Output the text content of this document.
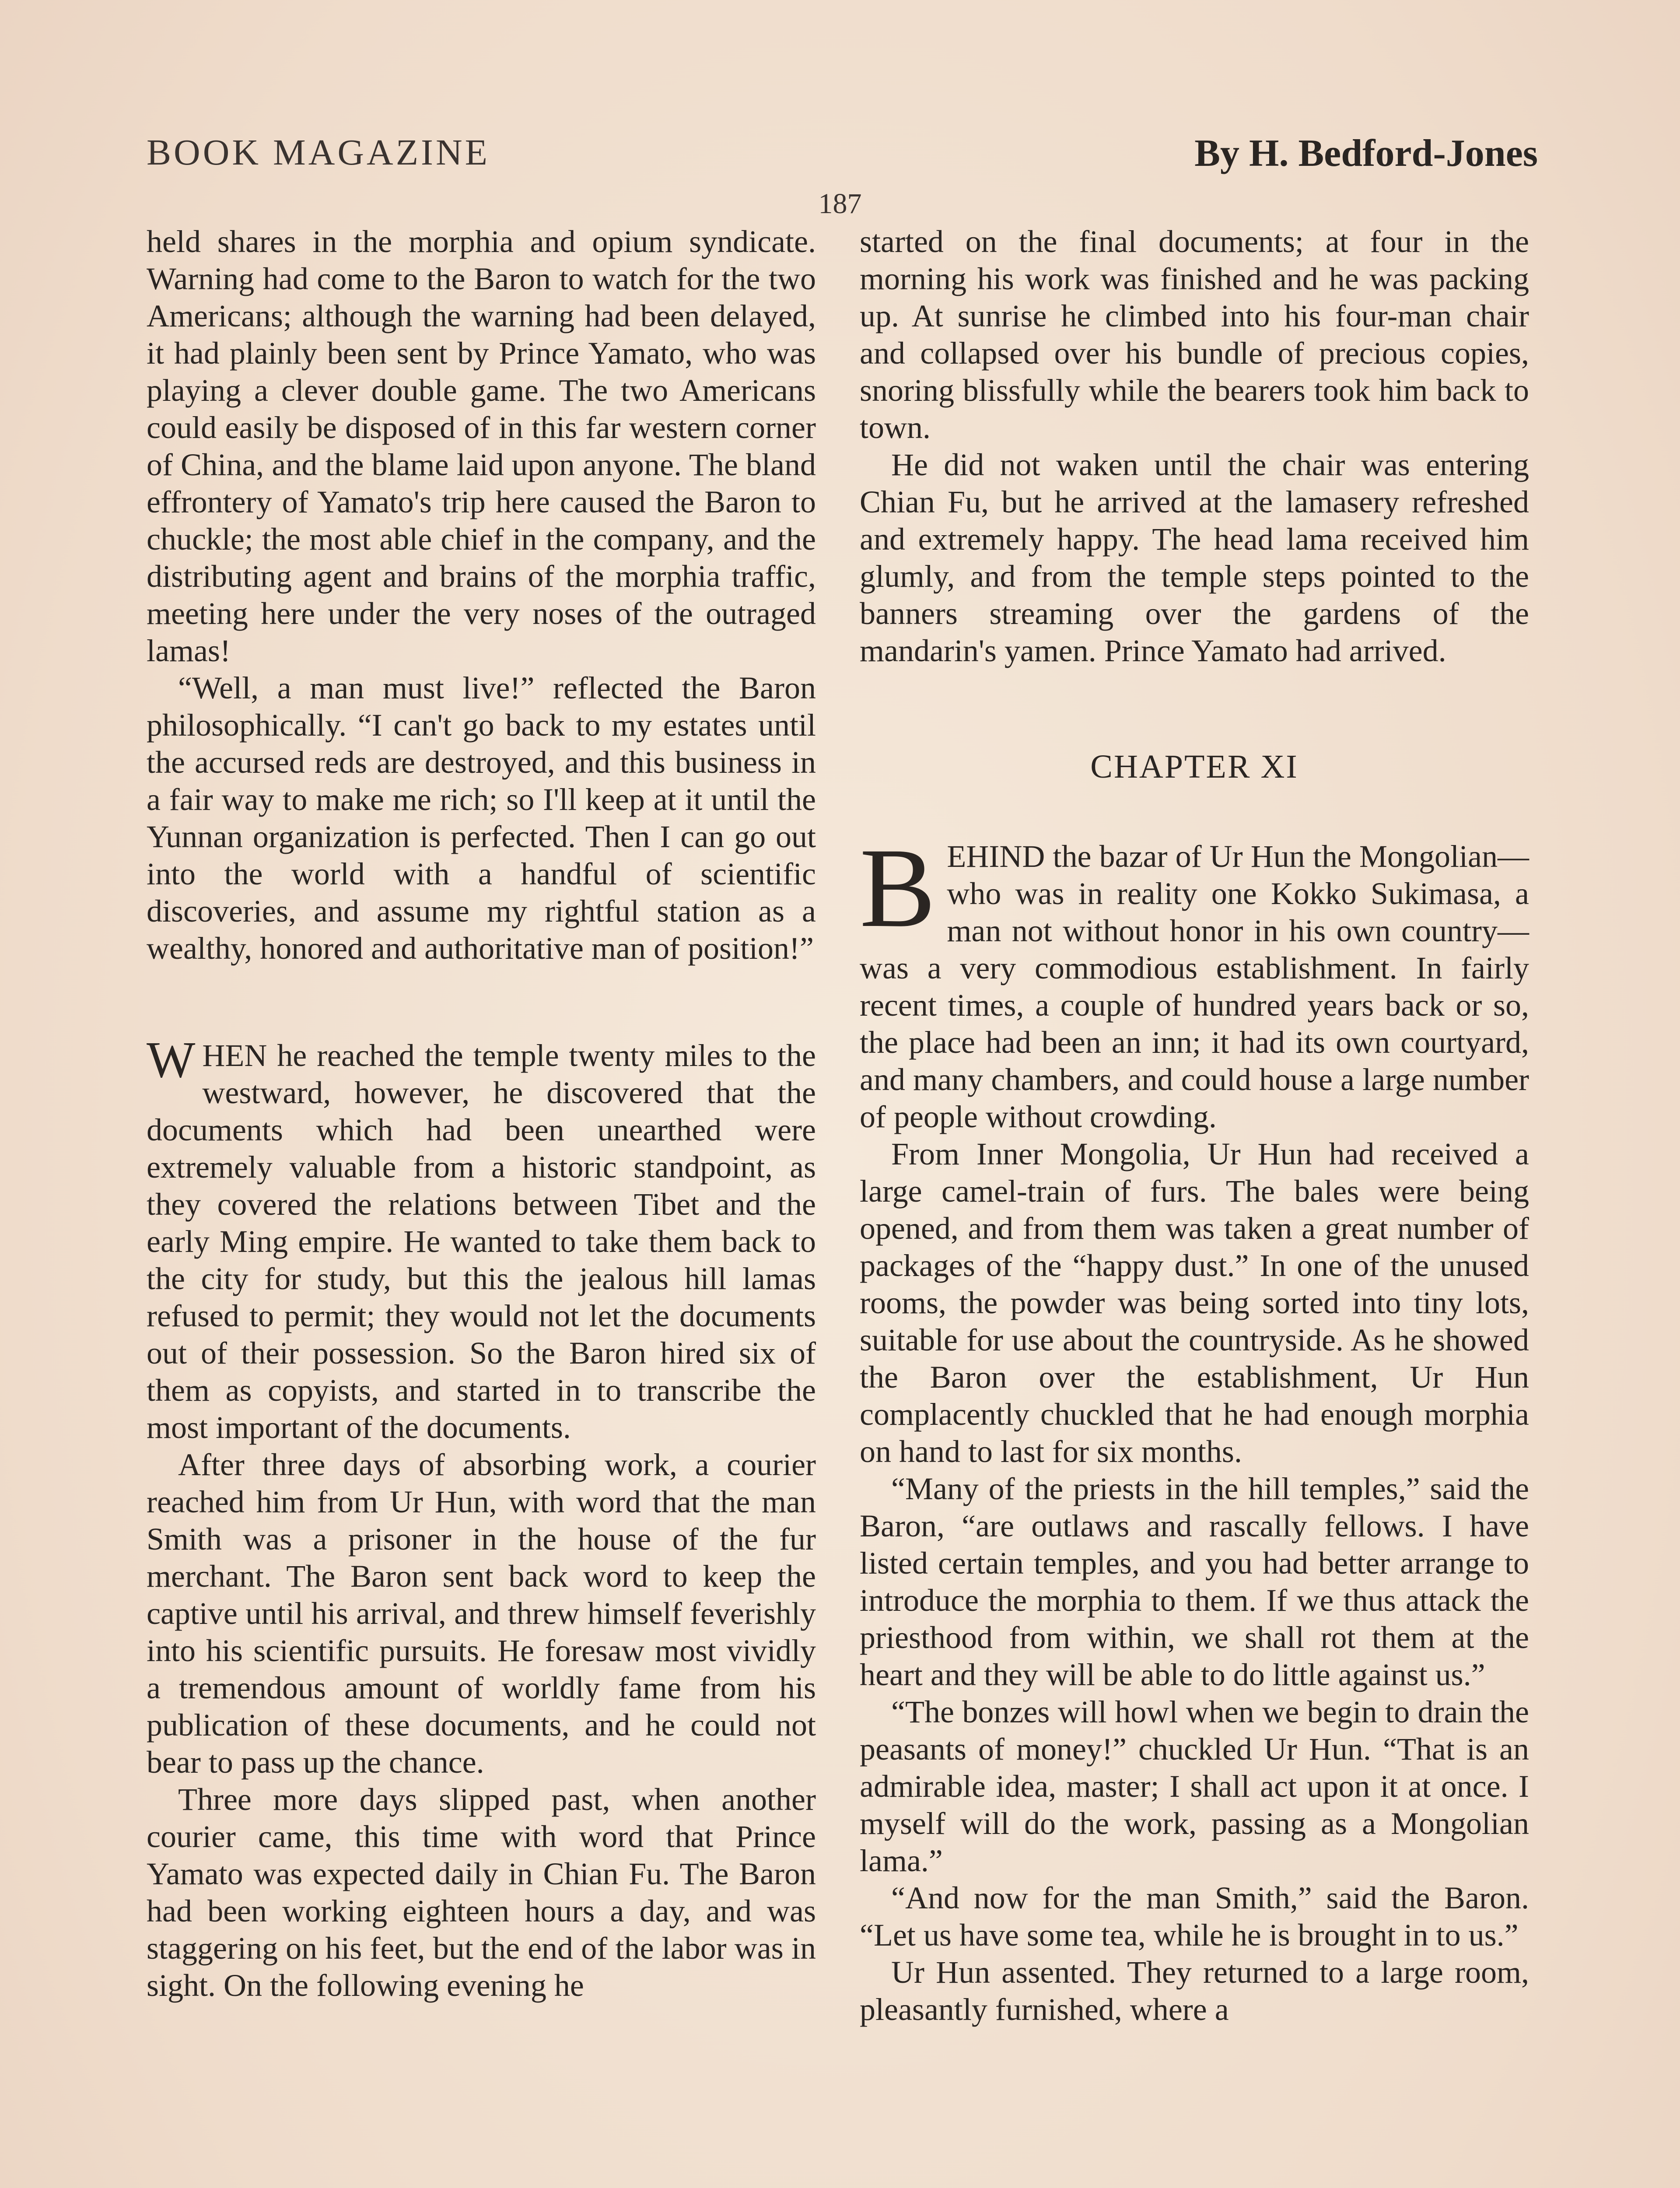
BOOK MAGAZINE	By H. Bedford-Jones
187

held shares in the morphia and opium syndicate. Warning had come to the Baron to watch for the two Americans; although the warning had been delayed, it had plainly been sent by Prince Yamato, who was playing a clever double game. The two Americans could easily be disposed of in this far western corner of China, and the blame laid upon anyone. The bland effrontery of Yamato's trip here caused the Baron to chuckle; the most able chief in the company, and the distributing agent and brains of the morphia traffic, meeting here under the very noses of the outraged lamas!

“Well, a man must live!” reflected the Baron philosophically. “I can't go back to my estates until the accursed reds are destroyed, and this business in a fair way to make me rich; so I'll keep at it until the Yunnan organization is perfected. Then I can go out into the world with a handful of scientific discoveries, and assume my rightful station as a wealthy, honored and authoritative man of position!”

WHEN he reached the temple twenty miles to the westward, however, he discovered that the documents which had been unearthed were extremely valuable from a historic standpoint, as they covered the relations between Tibet and the early Ming empire. He wanted to take them back to the city for study, but this the jealous hill lamas refused to permit; they would not let the documents out of their possession. So the Baron hired six of them as copyists, and started in to transcribe the most important of the documents.

After three days of absorbing work, a courier reached him from Ur Hun, with word that the man Smith was a prisoner in the house of the fur merchant. The Baron sent back word to keep the captive until his arrival, and threw himself feverishly into his scientific pursuits. He foresaw most vividly a tremendous amount of worldly fame from his publication of these documents, and he could not bear to pass up the chance.

Three more days slipped past, when another courier came, this time with word that Prince Yamato was expected daily in Chian Fu. The Baron had been working eighteen hours a day, and was staggering on his feet, but the end of the labor was in sight. On the following evening he

started on the final documents; at four in the morning his work was finished and he was packing up. At sunrise he climbed into his four-man chair and collapsed over his bundle of precious copies, snoring blissfully while the bearers took him back to town.

He did not waken until the chair was entering Chian Fu, but he arrived at the lamasery refreshed and extremely happy. The head lama received him glumly, and from the temple steps pointed to the banners streaming over the gardens of the mandarin's yamen. Prince Yamato had arrived.

CHAPTER XI

BEHIND the bazar of Ur Hun the Mongolian—who was in reality one Kokko Sukimasa, a man not without honor in his own country—was a very commodious establishment. In fairly recent times, a couple of hundred years back or so, the place had been an inn; it had its own courtyard, and many chambers, and could house a large number of people without crowding.

From Inner Mongolia, Ur Hun had received a large camel-train of furs. The bales were being opened, and from them was taken a great number of packages of the “happy dust.” In one of the unused rooms, the powder was being sorted into tiny lots, suitable for use about the countryside. As he showed the Baron over the establishment, Ur Hun complacently chuckled that he had enough morphia on hand to last for six months.

“Many of the priests in the hill temples,” said the Baron, “are outlaws and rascally fellows. I have listed certain temples, and you had better arrange to introduce the morphia to them. If we thus attack the priesthood from within, we shall rot them at the heart and they will be able to do little against us.”

“The bonzes will howl when we begin to drain the peasants of money!” chuckled Ur Hun. “That is an admirable idea, master; I shall act upon it at once. I myself will do the work, passing as a Mongolian lama.”

“And now for the man Smith,” said the Baron. “Let us have some tea, while he is brought in to us.”

Ur Hun assented. They returned to a large room, pleasantly furnished, where a
